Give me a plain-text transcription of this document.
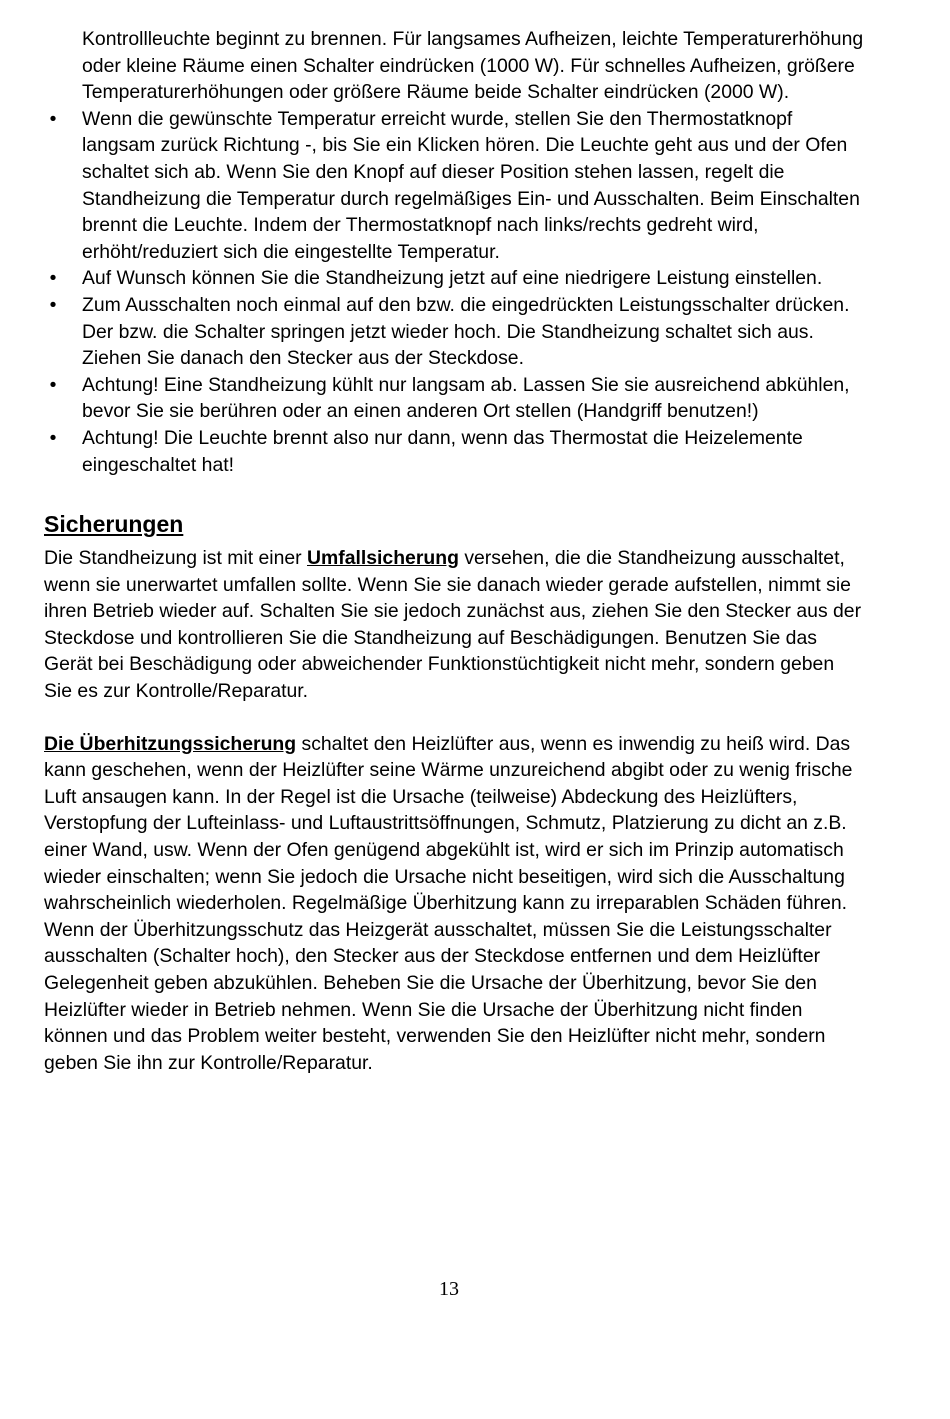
Kontrollleuchte beginnt zu brennen. Für langsames Aufheizen, leichte Temperaturerhöhung oder kleine Räume einen Schalter eindrücken (1000 W). Für schnelles Aufheizen, größere Temperaturerhöhungen oder größere Räume beide Schalter eindrücken (2000 W).

• Wenn die gewünschte Temperatur erreicht wurde, stellen Sie den Thermostatknopf langsam zurück Richtung -, bis Sie ein Klicken hören. Die Leuchte geht aus und der Ofen schaltet sich ab. Wenn Sie den Knopf auf dieser Position stehen lassen, regelt die Standheizung die Temperatur durch regelmäßiges Ein- und Ausschalten. Beim Einschalten brennt die Leuchte. Indem der Thermostatknopf nach links/rechts gedreht wird, erhöht/reduziert sich die eingestellte Temperatur.
• Auf Wunsch können Sie die Standheizung jetzt auf eine niedrigere Leistung einstellen.
• Zum Ausschalten noch einmal auf den bzw. die eingedrückten Leistungsschalter drücken. Der bzw. die Schalter springen jetzt wieder hoch. Die Standheizung schaltet sich aus. Ziehen Sie danach den Stecker aus der Steckdose.
• Achtung! Eine Standheizung kühlt nur langsam ab. Lassen Sie sie ausreichend abkühlen, bevor Sie sie berühren oder an einen anderen Ort stellen (Handgriff benutzen!)
• Achtung! Die Leuchte brennt also nur dann, wenn das Thermostat die Heizelemente eingeschaltet hat!
Sicherungen

Die Standheizung ist mit einer Umfallsicherung versehen, die die Standheizung ausschaltet, wenn sie unerwartet umfallen sollte. Wenn Sie sie danach wieder gerade aufstellen, nimmt sie ihren Betrieb wieder auf. Schalten Sie sie jedoch zunächst aus, ziehen Sie den Stecker aus der Steckdose und kontrollieren Sie die Standheizung auf Beschädigungen. Benutzen Sie das Gerät bei Beschädigung oder abweichender Funktionstüchtigkeit nicht mehr, sondern geben Sie es zur Kontrolle/Reparatur.

Die Überhitzungssicherung schaltet den Heizlüfter aus, wenn es inwendig zu heiß wird. Das kann geschehen, wenn der Heizlüfter seine Wärme unzureichend abgibt oder zu wenig frische Luft ansaugen kann. In der Regel ist die Ursache (teilweise) Abdeckung des Heizlüfters, Verstopfung der Lufteinlass- und Luftaustrittsöffnungen, Schmutz, Platzierung zu dicht an z.B. einer Wand, usw. Wenn der Ofen genügend abgekühlt ist, wird er sich im Prinzip automatisch wieder einschalten; wenn Sie jedoch die Ursache nicht beseitigen, wird sich die Ausschaltung wahrscheinlich wiederholen. Regelmäßige Überhitzung kann zu irreparablen Schäden führen. Wenn der Überhitzungsschutz das Heizgerät ausschaltet, müssen Sie die Leistungsschalter ausschalten (Schalter hoch), den Stecker aus der Steckdose entfernen und dem Heizlüfter Gelegenheit geben abzukühlen. Beheben Sie die Ursache der Überhitzung, bevor Sie den Heizlüfter wieder in Betrieb nehmen. Wenn Sie die Ursache der Überhitzung nicht finden können und das Problem weiter besteht, verwenden Sie den Heizlüfter nicht mehr, sondern geben Sie ihn zur Kontrolle/Reparatur.

13
